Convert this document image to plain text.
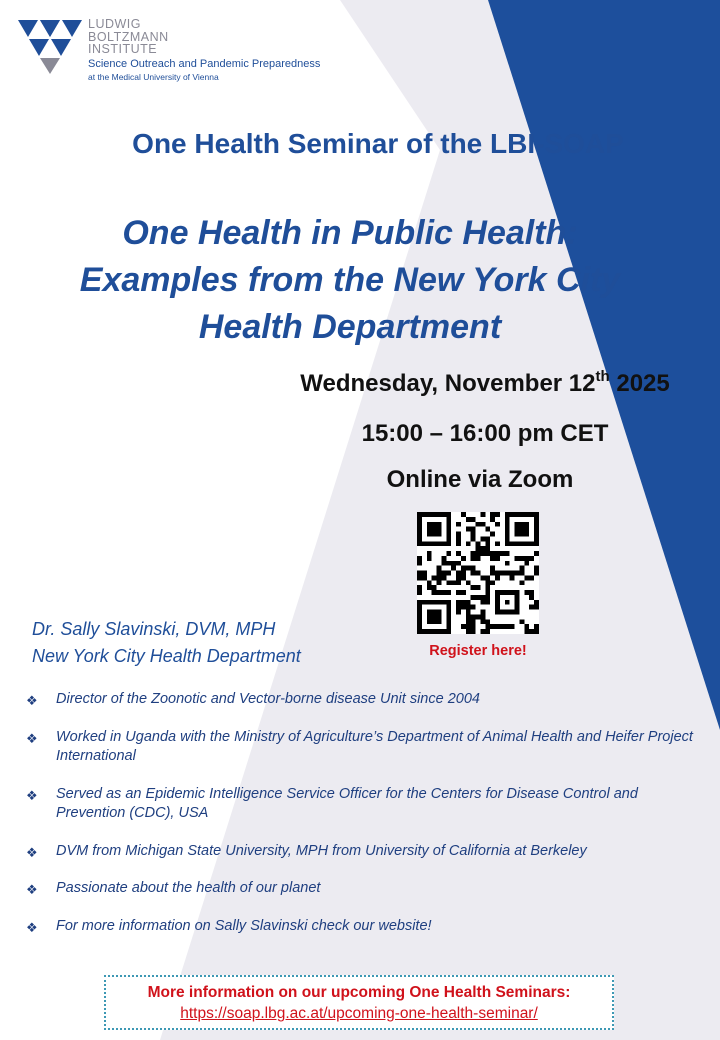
LUDWIG
BOLTZMANN
INSTITUTE
Science Outreach and Pandemic Preparedness
at the Medical University of Vienna
One Health Seminar of the LBI-SOAP
One Health in Public Health:
Examples from the New York City
Health Department
Wednesday, November 12th 2025
15:00 – 16:00 pm CET
Online via Zoom
Register here!
Dr. Sally Slavinski, DVM, MPH
New York City Health Department
❖ Director of the Zoonotic and Vector-borne disease Unit since 2004
❖ Worked in Uganda with the Ministry of Agriculture’s Department of Animal Health and Heifer Project International
❖ Served as an Epidemic Intelligence Service Officer for the Centers for Disease Control and Prevention (CDC), USA
❖ DVM from Michigan State University, MPH from University of California at Berkeley
❖ Passionate about the health of our planet
❖ For more information on Sally Slavinski check our website!
More information on our upcoming One Health Seminars:
https://soap.lbg.ac.at/upcoming-one-health-seminar/
